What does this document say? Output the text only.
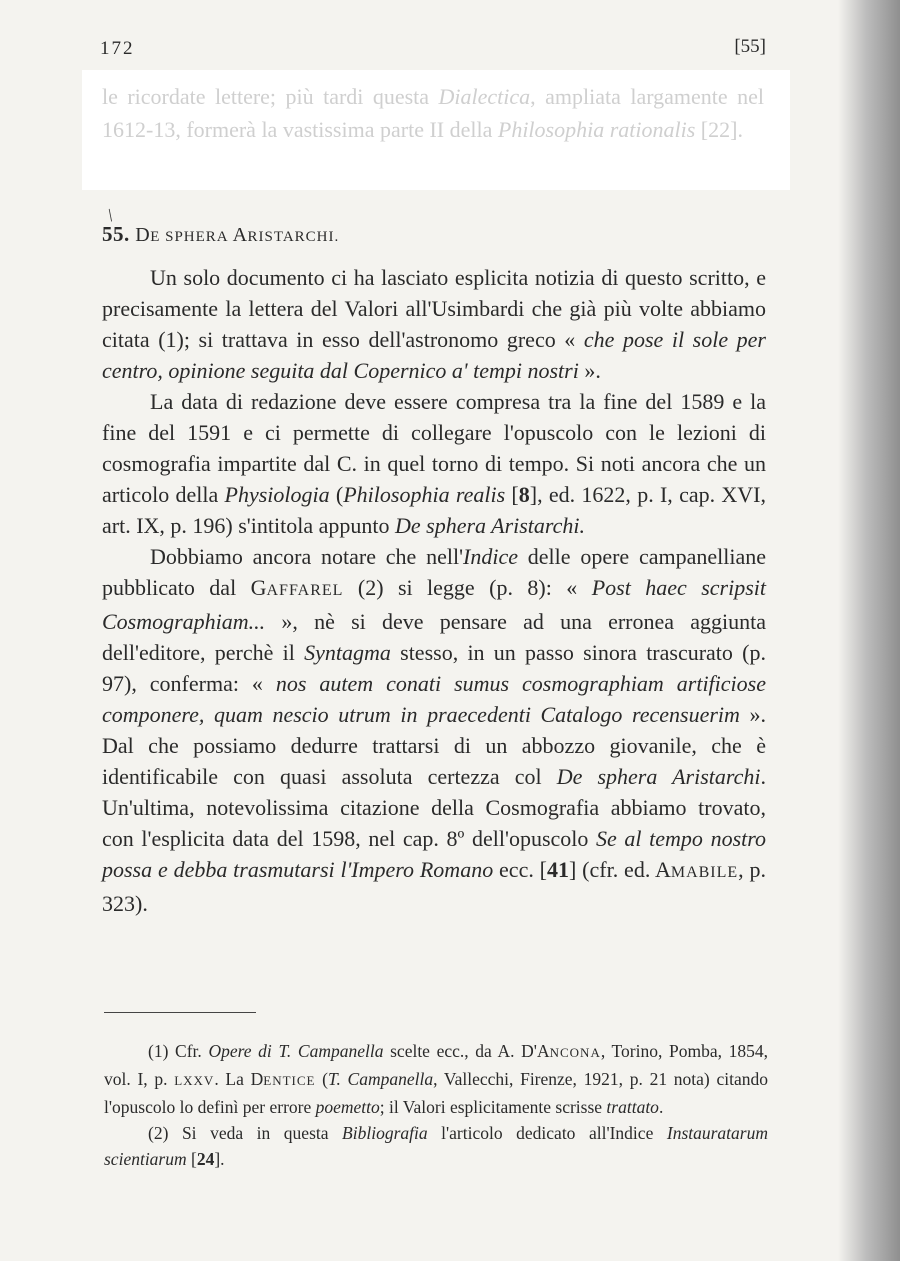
172	[55]
le ricordate lettere; più tardi questa Dialectica, ampliata largamente nel 1612-13, formerà la vastissima parte II della Philosophia rationalis [22].
/
55. DE SPHERA ARISTARCHI.

Un solo documento ci ha lasciato esplicita notizia di questo scritto, e precisamente la lettera del Valori all'Usimbardi che già più volte abbiamo citata (1); si trattava in esso dell'astronomo greco « che pose il sole per centro, opinione seguita dal Copernico a' tempi nostri ».

La data di redazione deve essere compresa tra la fine del 1589 e la fine del 1591 e ci permette di collegare l'opuscolo con le lezioni di cosmografia impartite dal C. in quel torno di tempo. Si noti ancora che un articolo della Physiologia (Philosophia realis [8], ed. 1622, p. I, cap. XVI, art. IX, p. 196) s'intitola appunto De sphera Aristarchi.

Dobbiamo ancora notare che nell'Indice delle opere campanelliane pubblicato dal GAFFAREL (2) si legge (p. 8): « Post haec scripsit Cosmographiam... », nè si deve pensare ad una erronea aggiunta dell'editore, perchè il Syntagma stesso, in un passo sinora trascurato (p. 97), conferma: « nos autem conati sumus cosmographiam artificiose componere, quam nescio utrum in praecedenti Catalogo recensuerim ». Dal che possiamo dedurre trattarsi di un abbozzo giovanile, che è identificabile con quasi assoluta certezza col De sphera Aristarchi. Un'ultima, notevolissima citazione della Cosmografia abbiamo trovato, con l'esplicita data del 1598, nel cap. 8º dell'opuscolo Se al tempo nostro possa e debba trasmutarsi l'Impero Romano ecc. [41] (cfr. ed. AMABILE, p. 323).

(1) Cfr. Opere di T. Campanella scelte ecc., da A. D'ANCONA, Torino, Pomba, 1854, vol. I, p. LXXV. La DENTICE (T. Campanella, Vallecchi, Firenze, 1921, p. 21 nota) citando l'opuscolo lo definì per errore poemetto; il Valori esplicitamente scrisse trattato.

(2) Si veda in questa Bibliografia l'articolo dedicato all'Indice Instauratarum scientiarum [24].
